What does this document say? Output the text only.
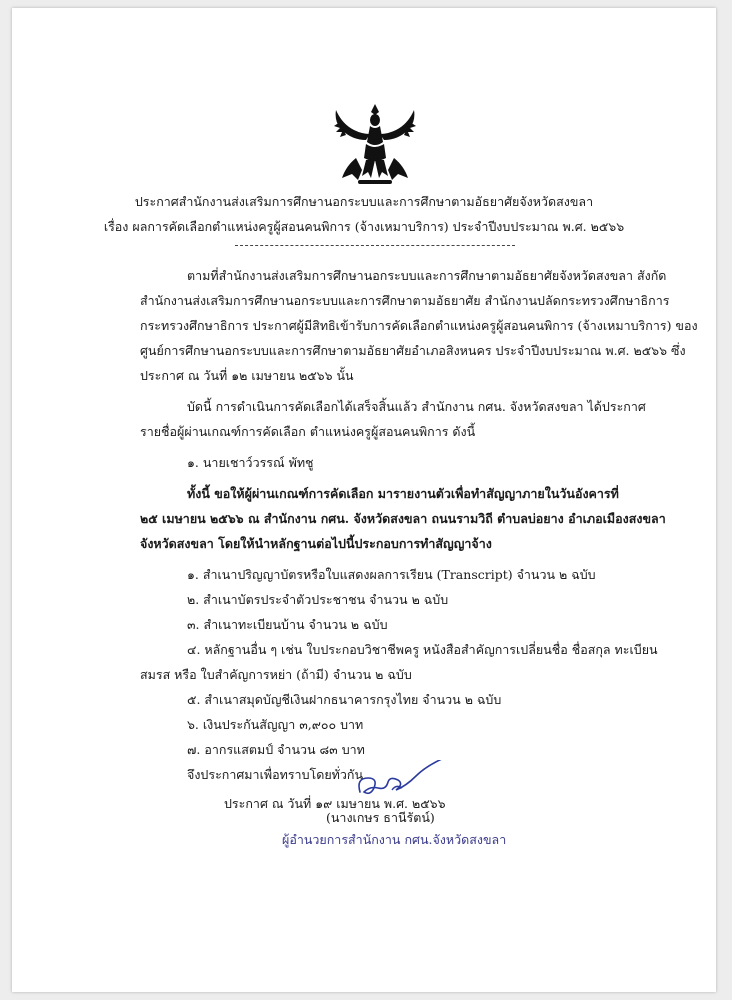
ประกาศสำนักงานส่งเสริมการศึกษานอกระบบและการศึกษาตามอัธยาศัยจังหวัดสงขลา
เรื่อง ผลการคัดเลือกตำแหน่งครูผู้สอนคนพิการ (จ้างเหมาบริการ) ประจำปีงบประมาณ พ.ศ. ๒๕๖๖
ตามที่สำนักงานส่งเสริมการศึกษานอกระบบและการศึกษาตามอัธยาศัยจังหวัดสงขลา สังกัด
สำนักงานส่งเสริมการศึกษานอกระบบและการศึกษาตามอัธยาศัย สำนักงานปลัดกระทรวงศึกษาธิการ
กระทรวงศึกษาธิการ ประกาศผู้มีสิทธิเข้ารับการคัดเลือกตำแหน่งครูผู้สอนคนพิการ (จ้างเหมาบริการ) ของ
ศูนย์การศึกษานอกระบบและการศึกษาตามอัธยาศัยอำเภอสิงหนคร ประจำปีงบประมาณ พ.ศ. ๒๕๖๖ ซึ่ง
ประกาศ ณ วันที่ ๑๒ เมษายน ๒๕๖๖ นั้น
บัดนี้ การดำเนินการคัดเลือกได้เสร็จสิ้นแล้ว สำนักงาน กศน. จังหวัดสงขลา ได้ประกาศ
รายชื่อผู้ผ่านเกณฑ์การคัดเลือก ตำแหน่งครูผู้สอนคนพิการ ดังนี้
๑. นายเชาว์วรรณ์ พัทชู
ทั้งนี้ ขอให้ผู้ผ่านเกณฑ์การคัดเลือก มารายงานตัวเพื่อทำสัญญาภายในวันอังคารที่
๒๕ เมษายน ๒๕๖๖ ณ สำนักงาน กศน. จังหวัดสงขลา ถนนรามวิถี ตำบลบ่อยาง อำเภอเมืองสงขลา
จังหวัดสงขลา โดยให้นำหลักฐานต่อไปนี้ประกอบการทำสัญญาจ้าง
๑. สำเนาปริญญาบัตรหรือใบแสดงผลการเรียน (Transcript) จำนวน ๒ ฉบับ
๒. สำเนาบัตรประจำตัวประชาชน จำนวน ๒ ฉบับ
๓. สำเนาทะเบียนบ้าน จำนวน ๒ ฉบับ
๔. หลักฐานอื่น ๆ เช่น ใบประกอบวิชาชีพครู หนังสือสำคัญการเปลี่ยนชื่อ ชื่อสกุล ทะเบียน
สมรส หรือ ใบสำคัญการหย่า (ถ้ามี) จำนวน ๒ ฉบับ
๕. สำเนาสมุดบัญชีเงินฝากธนาคารกรุงไทย จำนวน ๒ ฉบับ
๖. เงินประกันสัญญา ๓,๙๐๐ บาท
๗. อากรแสตมป์ จำนวน ๘๓ บาท
จึงประกาศมาเพื่อทราบโดยทั่วกัน
ประกาศ ณ วันที่ ๑๙ เมษายน พ.ศ. ๒๕๖๖
(นางเกษร ธานีรัตน์)
ผู้อำนวยการสำนักงาน กศน.จังหวัดสงขลา
